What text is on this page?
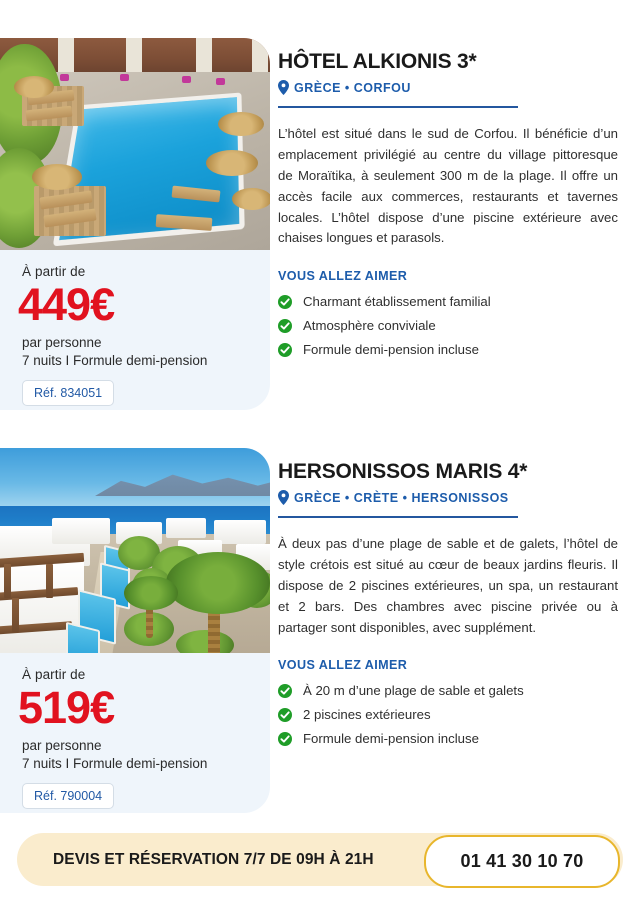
À partir de
449€
par personne
7 nuits I Formule demi-pension
Réf. 834051
HÔTEL ALKIONIS 3*
GRÈCE • CORFOU
L’hôtel est situé dans le sud de Corfou. Il bénéficie d’un emplacement privilégié au centre du village pittoresque de Moraïtika, à seulement 300 m de la plage. Il offre un accès facile aux commerces, restaurants et tavernes locales. L’hôtel dispose d’une piscine extérieure avec chaises longues et parasols.
VOUS ALLEZ AIMER
Charmant établissement familial
Atmosphère conviviale
Formule demi-pension incluse
À partir de
519€
par personne
7 nuits I Formule demi-pension
Réf. 790004
HERSONISSOS MARIS 4*
GRÈCE • CRÈTE • HERSONISSOS
À deux pas d’une plage de sable et de galets, l’hôtel de style crétois est situé au cœur de beaux jardins fleuris. Il dispose de 2 piscines extérieures, un spa, un restaurant et 2 bars. Des chambres avec piscine privée ou à partager sont disponibles, avec supplément.
VOUS ALLEZ AIMER
À 20 m d’une plage de sable et galets
2 piscines extérieures
Formule demi-pension incluse
DEVIS ET RÉSERVATION 7/7 DE 09H À 21H	01 41 30 10 70
